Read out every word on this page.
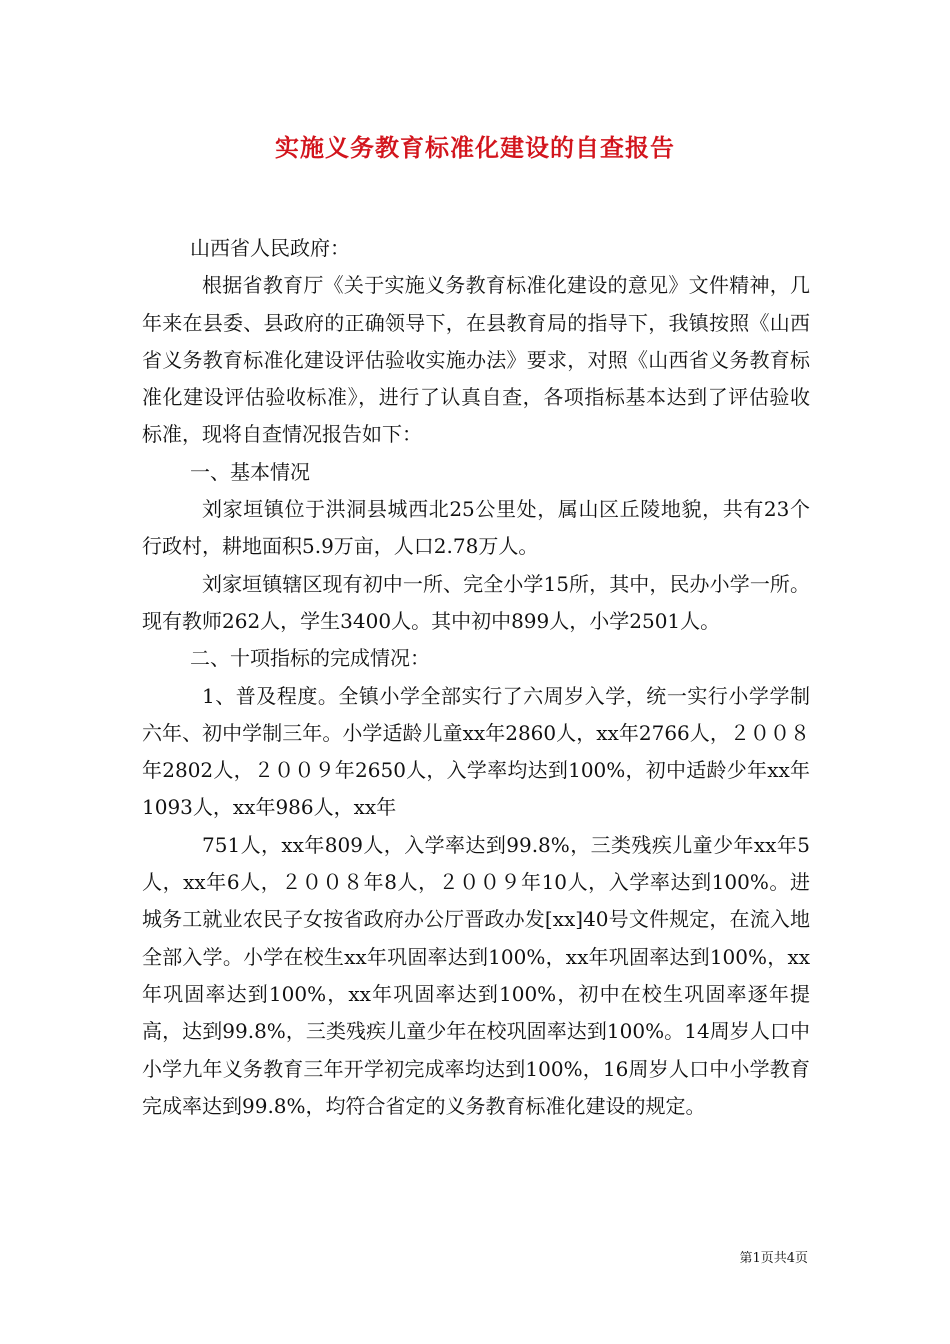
实施义务教育标准化建设的自查报告

山西省人民政府：

根据省教育厅《关于实施义务教育标准化建设的意见》文件精神，几年来在县委、县政府的正确领导下，在县教育局的指导下，我镇按照《山西省义务教育标准化建设评估验收实施办法》要求，对照《山西省义务教育标准化建设评估验收标准》，进行了认真自查，各项指标基本达到了评估验收标准，现将自查情况报告如下：

一、基本情况

刘家垣镇位于洪洞县城西北25公里处，属山区丘陵地貌，共有23个行政村，耕地面积5.9万亩，人口2.78万人。

刘家垣镇辖区现有初中一所、完全小学15所，其中，民办小学一所。现有教师262人，学生3400人。其中初中899人，小学2501人。

二、十项指标的完成情况：

1、普及程度。全镇小学全部实行了六周岁入学，统一实行小学学制六年、初中学制三年。小学适龄儿童xx年2860人，xx年2766人，２００８年2802人，２００９年2650人，入学率均达到100%，初中适龄少年xx年1093人，xx年986人，xx年

751人，xx年809人，入学率达到99.8%，三类残疾儿童少年xx年5人，xx年6人，２００８年8人，２００９年10人，入学率达到100%。进城务工就业农民子女按省政府办公厅晋政办发[xx]40号文件规定，在流入地全部入学。小学在校生xx年巩固率达到100%，xx年巩固率达到100%，xx年巩固率达到100%，xx年巩固率达到100%，初中在校生巩固率逐年提高，达到99.8%，三类残疾儿童少年在校巩固率达到100%。14周岁人口中小学九年义务教育三年开学初完成率均达到100%，16周岁人口中小学教育完成率达到99.8%，均符合省定的义务教育标准化建设的规定。

第1页共4页
